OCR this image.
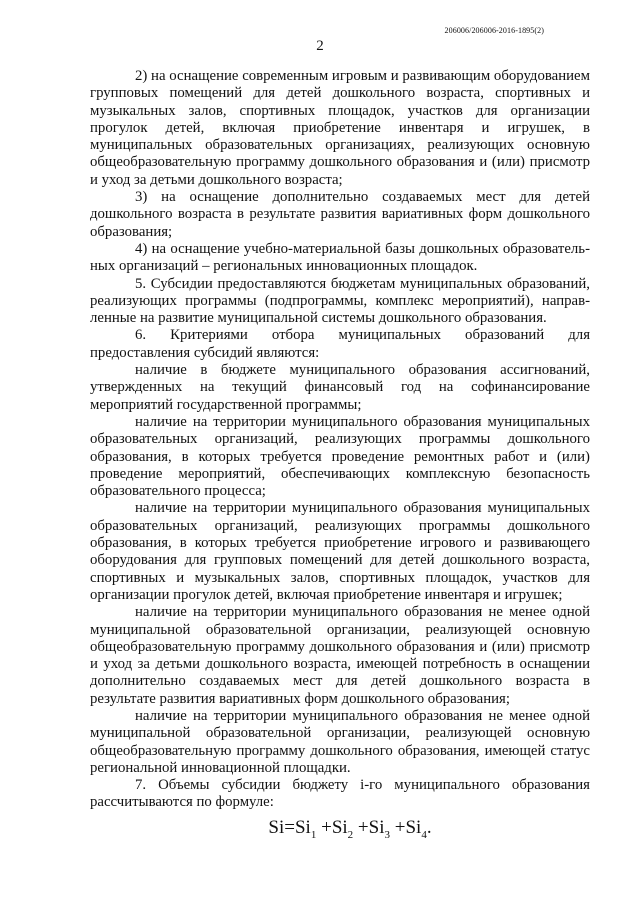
206006/206006-2016-1895(2)
2

2) на оснащение современным игровым и развивающим оборудованием групповых помещений для детей дошкольного возраста, спортивных и музыкальных залов, спортивных площадок, участков для организации прогулок детей, включая приобретение инвентаря и игрушек, в муниципальных образовательных организациях, реализующих основную общеобразовательную программу дошкольного образования и (или) присмотр и уход за детьми дошкольного возраста;

3) на оснащение дополнительно создаваемых мест для детей дошкольного возраста в результате развития вариативных форм дошкольного образования;

4) на оснащение учебно-материальной базы дошкольных образовательных организаций – региональных инновационных площадок.

5. Субсидии предоставляются бюджетам муниципальных образований, реализующих программы (подпрограммы, комплекс мероприятий), направленные на развитие муниципальной системы дошкольного образования.

6. Критериями отбора муниципальных образований для предоставления субсидий являются:

наличие в бюджете муниципального образования ассигнований, утвержденных на текущий финансовый год на софинансирование мероприятий государственной программы;

наличие на территории муниципального образования муниципальных образовательных организаций, реализующих программы дошкольного образования, в которых требуется проведение ремонтных работ и (или) проведение мероприятий, обеспечивающих комплексную безопасность образовательного процесса;

наличие на территории муниципального образования муниципальных образовательных организаций, реализующих программы дошкольного образования, в которых требуется приобретение игрового и развивающего оборудования для групповых помещений для детей дошкольного возраста, спортивных и музыкальных залов, спортивных площадок, участков для организации прогулок детей, включая приобретение инвентаря и игрушек;

наличие на территории муниципального образования не менее одной муниципальной образовательной организации, реализующей основную общеобразовательную программу дошкольного образования и (или) присмотр и уход за детьми дошкольного возраста, имеющей потребность в оснащении дополнительно создаваемых мест для детей дошкольного возраста в результате развития вариативных форм дошкольного образования;

наличие на территории муниципального образования не менее одной муниципальной образовательной организации, реализующей основную общеобразовательную программу дошкольного образования, имеющей статус региональной инновационной площадки.

7. Объемы субсидии бюджету i-го муниципального образования рассчитываются по формуле:

$Si=Si_1 +Si_2 +Si_3 +Si_4$.
